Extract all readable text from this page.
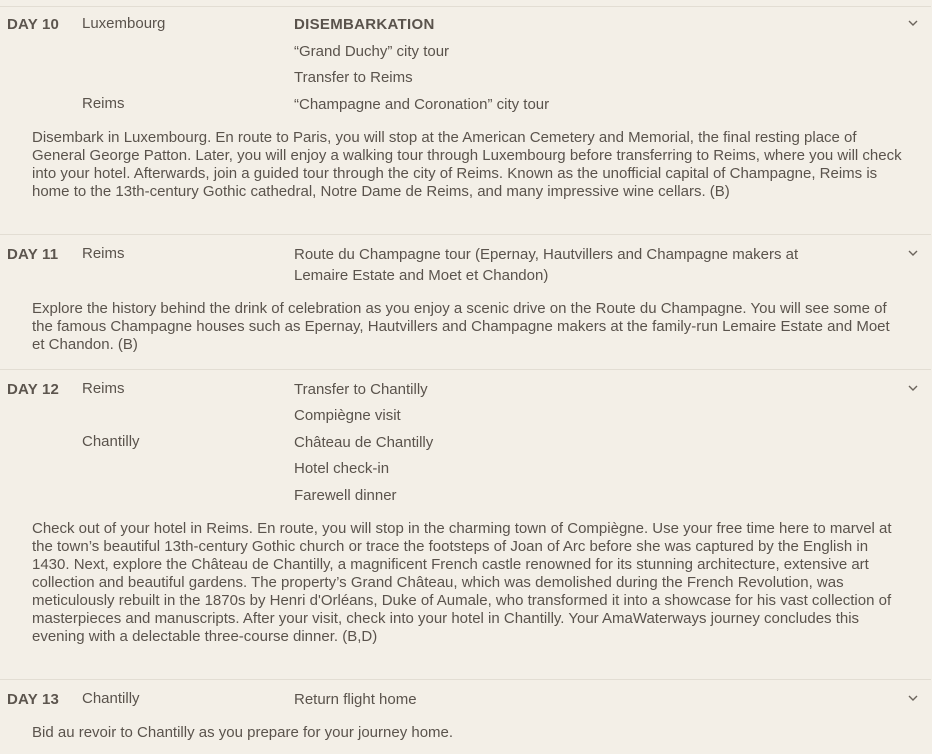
DAY 10 Luxembourg
Reims
DISEMBARKATION
“Grand Duchy” city tour
Transfer to Reims
“Champagne and Coronation” city tour
Disembark in Luxembourg. En route to Paris, you will stop at the American Cemetery and Memorial, the final resting place of General George Patton. Later, you will enjoy a walking tour through Luxembourg before transferring to Reims, where you will check into your hotel. Afterwards, join a guided tour through the city of Reims. Known as the unofficial capital of Champagne, Reims is home to the 13th-century Gothic cathedral, Notre Dame de Reims, and many impressive wine cellars. (B)
DAY 11 Reims	Route du Champagne tour (Epernay, Hautvillers and Champagne makers at
Lemaire Estate and Moet et Chandon)
Explore the history behind the drink of celebration as you enjoy a scenic drive on the Route du Champagne. You will see some of the famous Champagne houses such as Epernay, Hautvillers and Champagne makers at the family-run Lemaire Estate and Moet et Chandon. (B)
DAY 12 Reims
Chantilly
Transfer to Chantilly
Compiègne visit
Château de Chantilly
Hotel check-in
Farewell dinner
Check out of your hotel in Reims. En route, you will stop in the charming town of Compiègne. Use your free time here to marvel at the town’s beautiful 13th-century Gothic church or trace the footsteps of Joan of Arc before she was captured by the English in 1430. Next, explore the Château de Chantilly, a magnificent French castle renowned for its stunning architecture, extensive art collection and beautiful gardens. The property’s Grand Château, which was demolished during the French Revolution, was meticulously rebuilt in the 1870s by Henri d'Orléans, Duke of Aumale, who transformed it into a showcase for his vast collection of masterpieces and manuscripts. After your visit, check into your hotel in Chantilly. Your AmaWaterways journey concludes this evening with a delectable three-course dinner. (B,D)
DAY 13 Chantilly	Return flight home
Bid au revoir to Chantilly as you prepare for your journey home.
